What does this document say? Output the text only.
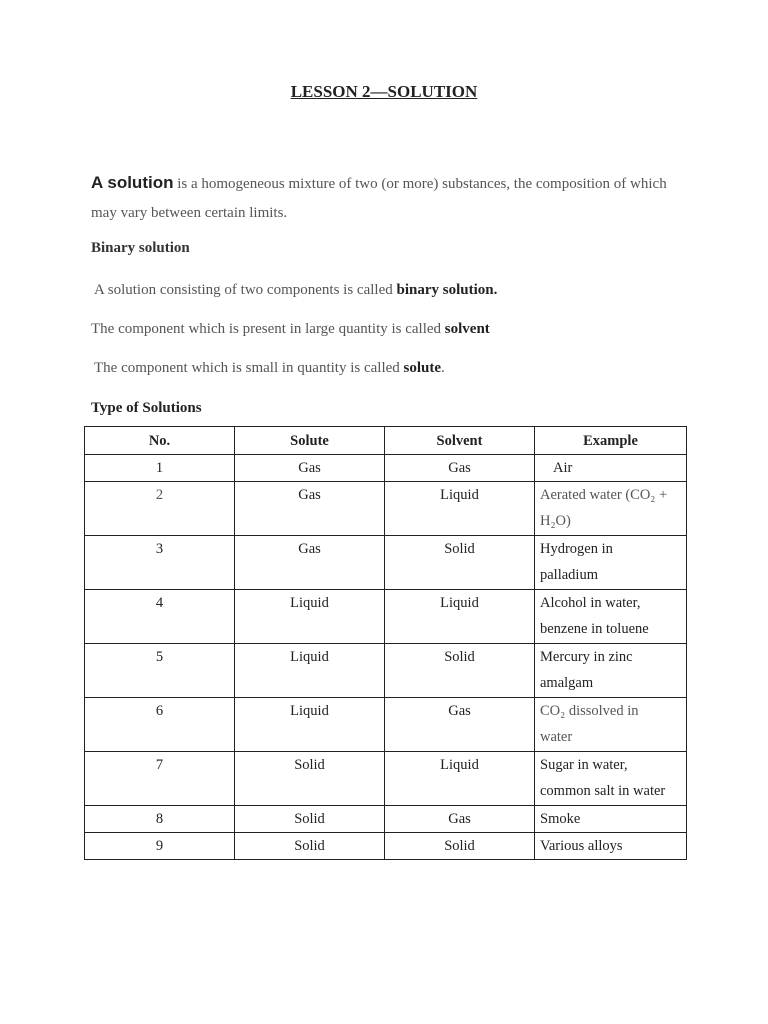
LESSON 2—SOLUTION
A solution is a homogeneous mixture of two (or more) substances, the composition of which
may vary between certain limits.
Binary solution
A solution consisting of two components is called binary solution.
The component which is present in large quantity is called solvent
The component which is small in quantity is called solute.
Type of Solutions
No.	Solute	Solvent	Example
1	Gas	Gas	Air
2	Gas	Liquid	Aerated water (CO₂ +
H₂O)
3	Gas	Solid	Hydrogen in
palladium
4	Liquid	Liquid	Alcohol in water,
benzene in toluene
5	Liquid	Solid	Mercury in zinc
amalgam
6	Liquid	Gas	CO₂ dissolved in
water
7	Solid	Liquid	Sugar in water,
common salt in water
8	Solid	Gas	Smoke
9	Solid	Solid	Various alloys
